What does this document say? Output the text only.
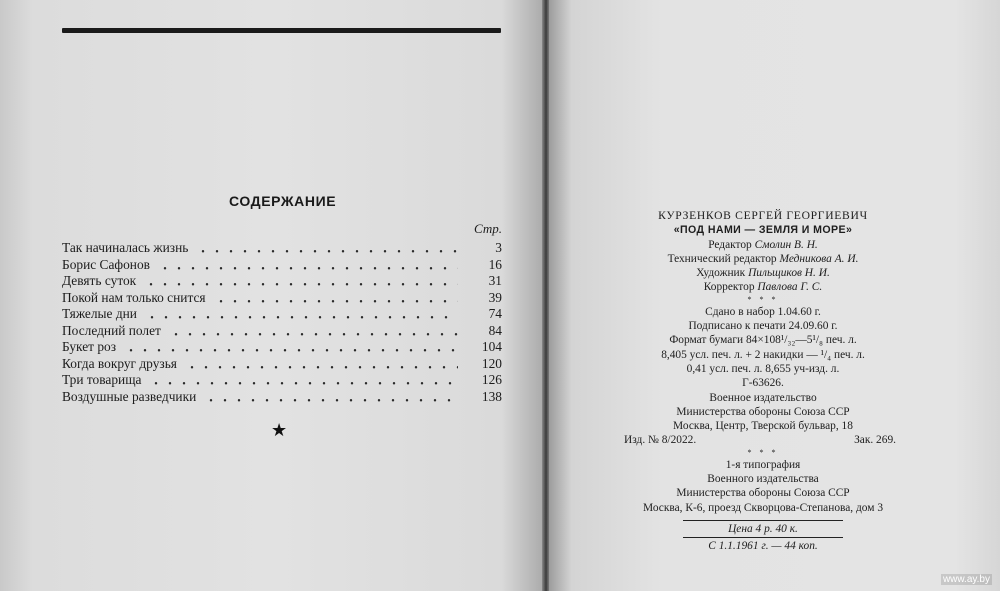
СОДЕРЖАНИЕ
Стр.
Так начиналась жизнь	3
Борис Сафонов	16
Девять суток	31
Покой нам только снится	39
Тяжелые дни	74
Последний полет	84
Букет роз	104
Когда вокруг друзья	120
Три товарища	126
Воздушные разведчики	138
★
КУРЗЕНКОВ СЕРГЕЙ ГЕОРГИЕВИЧ
«ПОД НАМИ — ЗЕМЛЯ И МОРЕ»
Редактор Смолин В. Н.
Технический редактор Медникова А. И.
Художник Пильщиков Н. И.
Корректор Павлова Г. С.
* * *
Сдано в набор 1.04.60 г.
Подписано к печати 24.09.60 г.
Формат бумаги 84×108¹/₃₂—5¹/₈ печ. л.
8,405 усл. печ. л. + 2 накидки — ¹/₄ печ. л.
0,41 усл. печ. л. 8,655 уч-изд. л.
Г-63626.
Военное издательство
Министерства обороны Союза ССР
Москва, Центр, Тверской бульвар, 18
Изд. № 8/2022.	Зак. 269.
* * *
1-я типография
Военного издательства
Министерства обороны Союза ССР
Москва, К-6, проезд Скворцова-Степанова, дом 3
Цена 4 р. 40 к.
С 1.1.1961 г. — 44 коп.
www.ay.by
